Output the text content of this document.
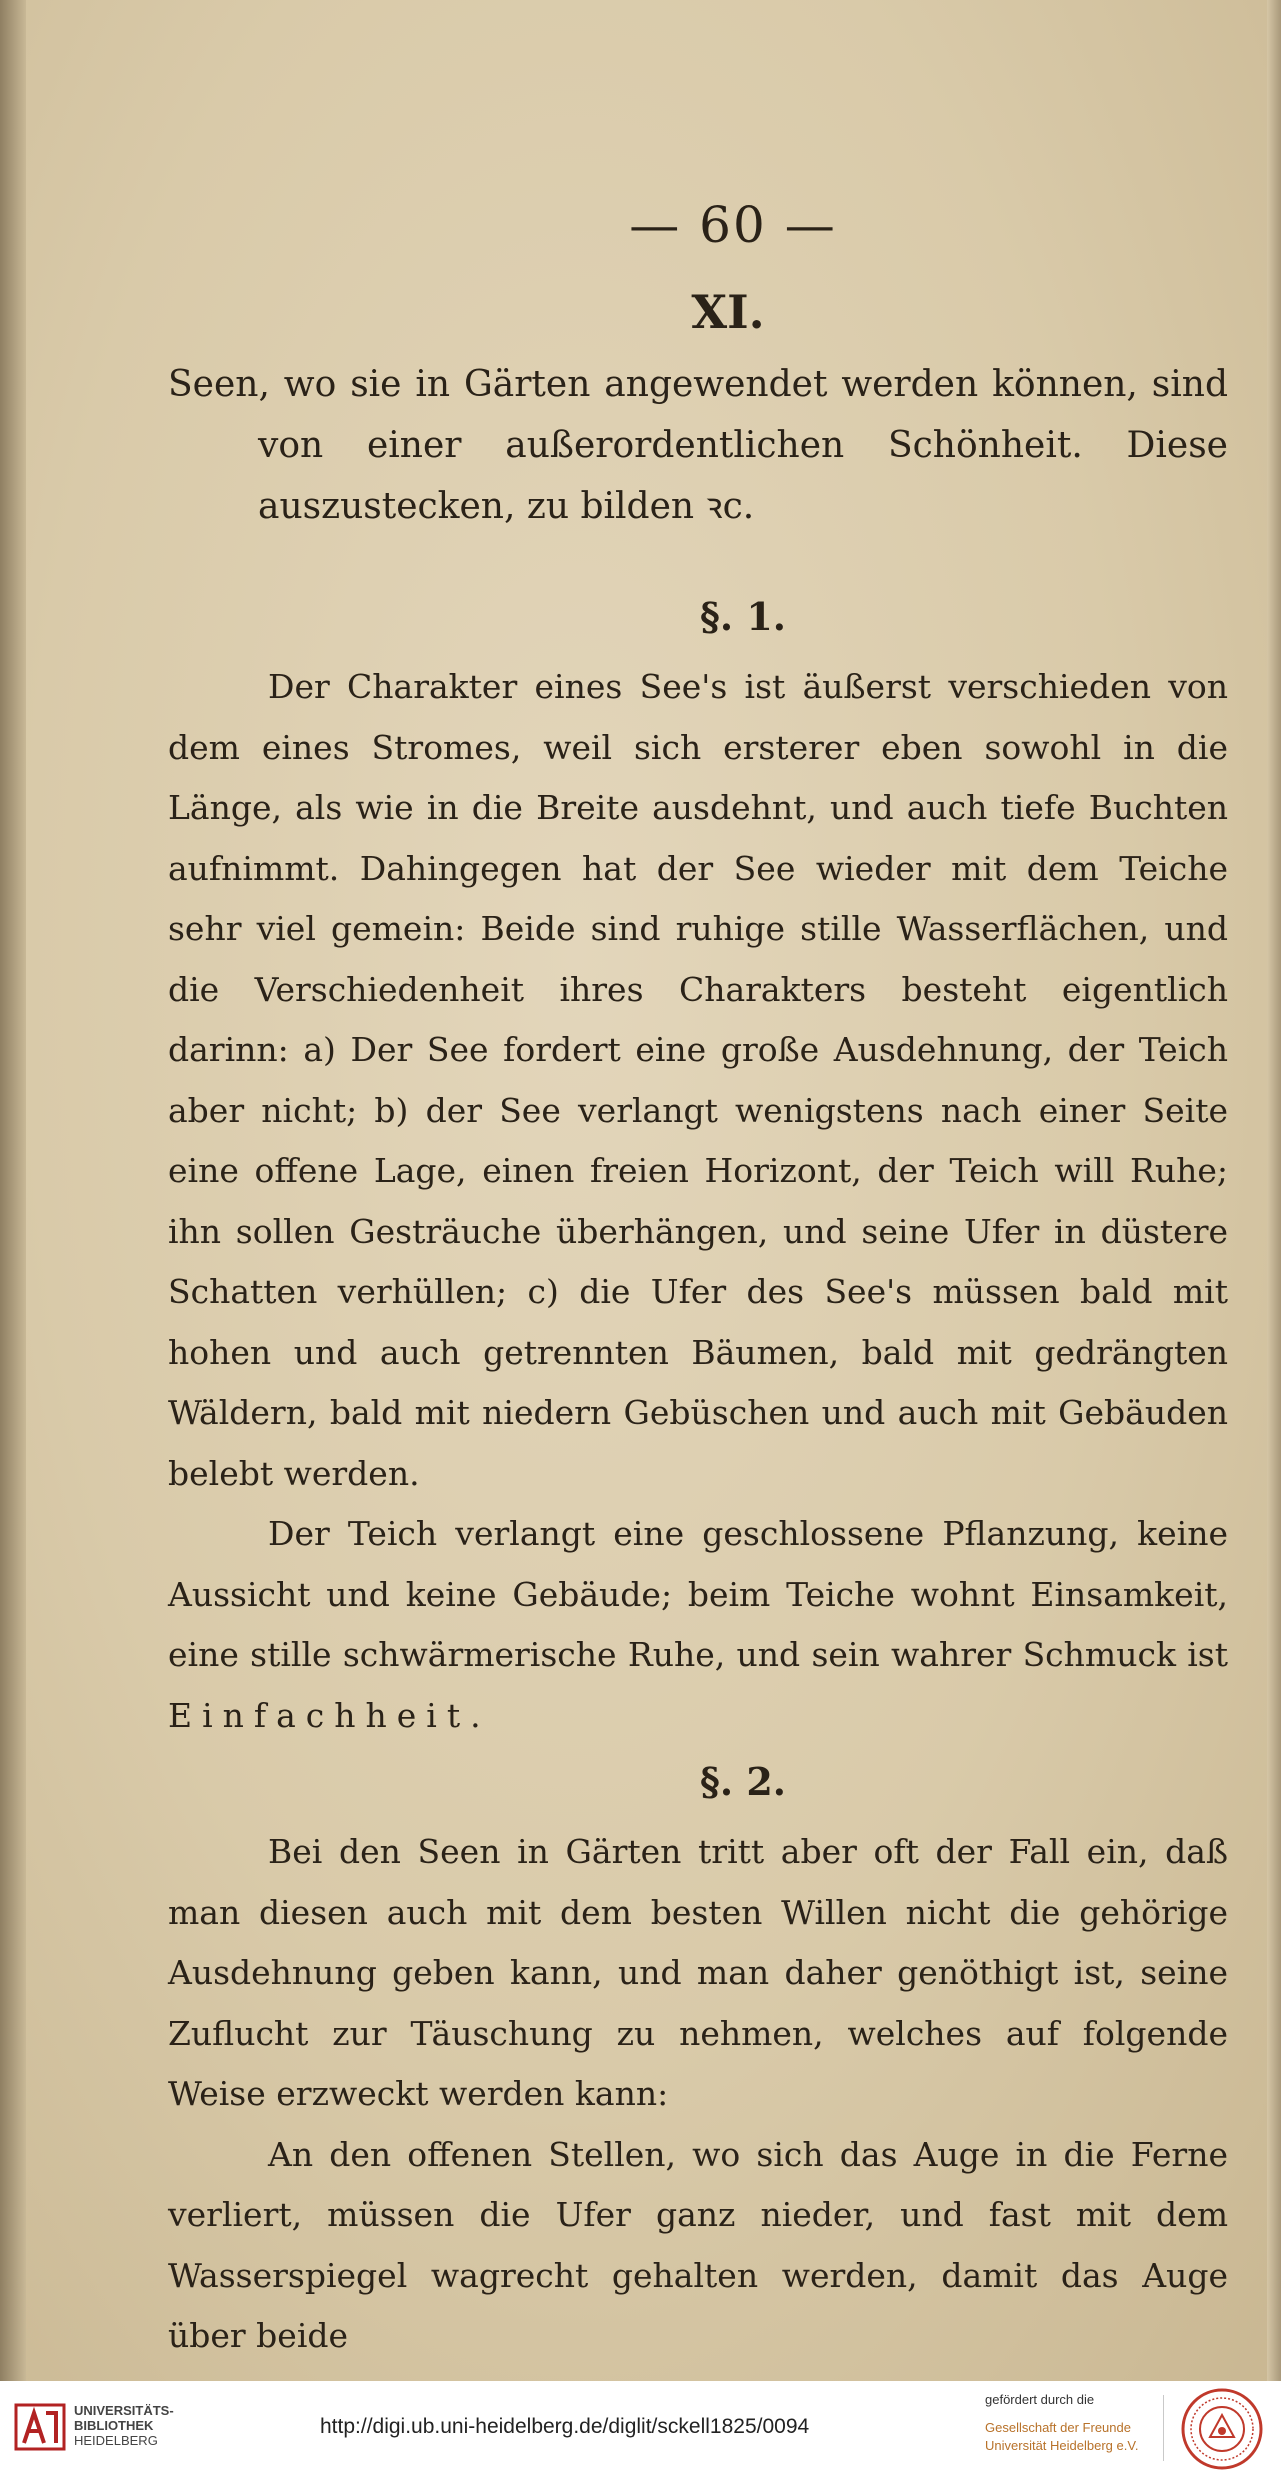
— 60 —
XI.
Seen, wo sie in Gärten angewendet werden können, sind von einer außerordentlichen Schönheit. Diese auszustecken, zu bilden ꝛc.
§. 1.

Der Charakter eines See's ist äußerst verschieden von dem eines Stromes, weil sich ersterer eben sowohl in die Länge, als wie in die Breite ausdehnt, und auch tiefe Buchten aufnimmt. Dahingegen hat der See wieder mit dem Teiche sehr viel gemein: Beide sind ruhige stille Wasserflächen, und die Verschiedenheit ihres Charakters besteht eigentlich darinn: a) Der See fordert eine große Ausdehnung, der Teich aber nicht; b) der See verlangt wenigstens nach einer Seite eine offene Lage, einen freien Horizont, der Teich will Ruhe; ihn sollen Gesträuche überhängen, und seine Ufer in düstere Schatten verhüllen; c) die Ufer des See's müssen bald mit hohen und auch getrennten Bäumen, bald mit gedrängten Wäldern, bald mit niedern Gebüschen und auch mit Gebäuden belebt werden.

Der Teich verlangt eine geschlossene Pflanzung, keine Aussicht und keine Gebäude; beim Teiche wohnt Einsamkeit, eine stille schwärmerische Ruhe, und sein wahrer Schmuck ist Einfachheit.

§. 2.

Bei den Seen in Gärten tritt aber oft der Fall ein, daß man diesen auch mit dem besten Willen nicht die gehörige Ausdehnung geben kann, und man daher genöthigt ist, seine Zuflucht zur Täuschung zu nehmen, welches auf folgende Weise erzweckt werden kann:

An den offenen Stellen, wo sich das Auge in die Ferne verliert, müssen die Ufer ganz nieder, und fast mit dem Wasserspiegel wagrecht gehalten werden, damit das Auge über beide

UNIVERSITÄTS-
BIBLIOTHEK
HEIDELBERG
http://digi.ub.uni-heidelberg.de/diglit/sckell1825/0094
gefördert durch die
Gesellschaft der Freunde
Universität Heidelberg e.V.
